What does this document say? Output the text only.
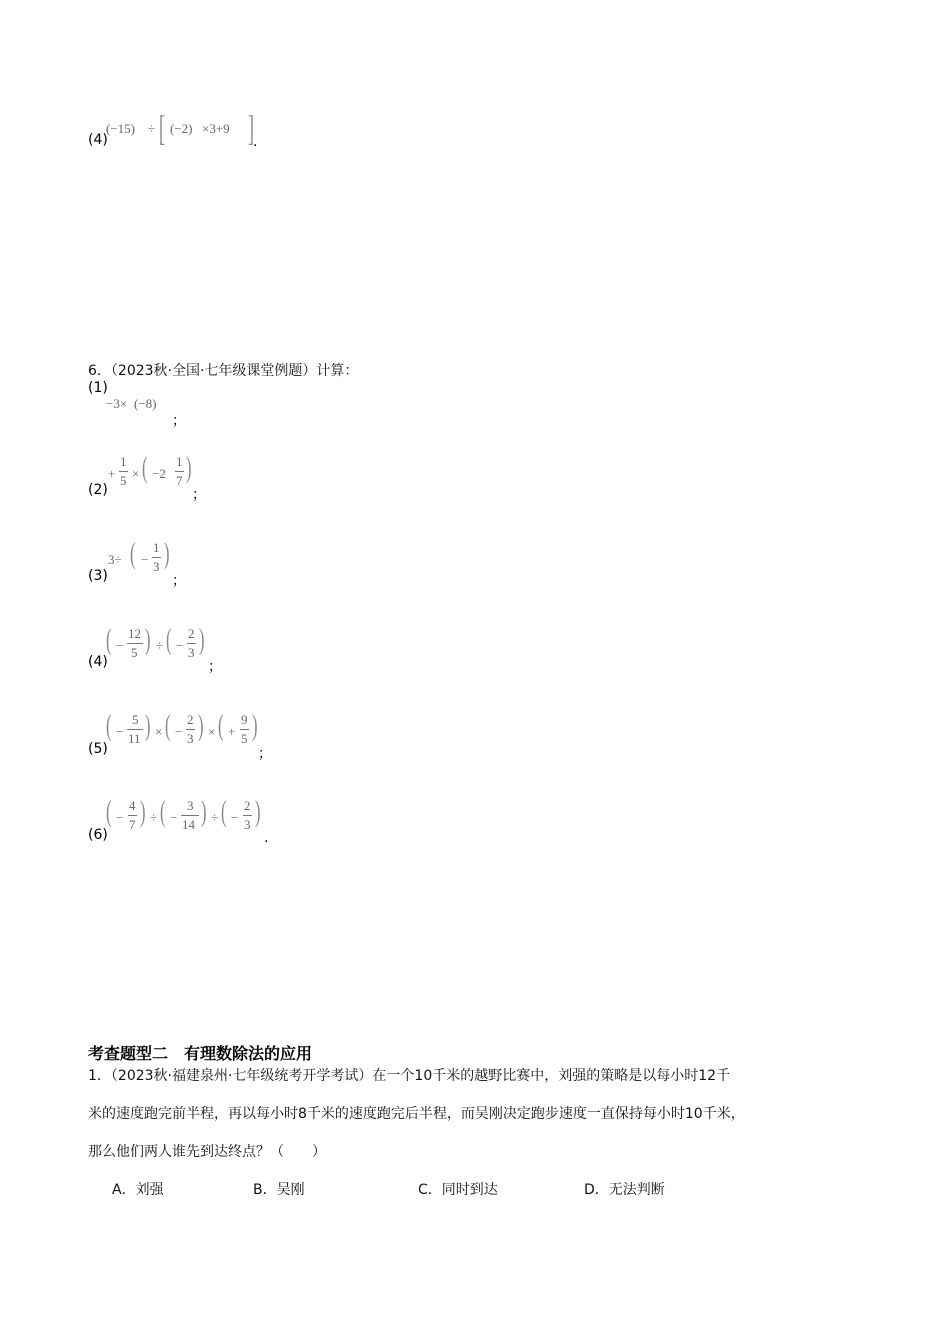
(4)
(−15) ÷ [ (−2) ×3+9 ] .
6．（2023秋·全国·七年级课堂例题）计算：
(1)
−3× (−8)
；
(2)
+
1
5 × ( −2
1
7 )
；
(3)
3÷ ( −
1
3 )
；
(4)
( −
12
5 ) ÷ ( −
2
3 )
；
(5)
( −
5
11 ) × ( −
2
3 ) × ( +
9
5 )
；
(6)
( −
4
7 ) ÷ ( −
3
14 ) ÷ ( −
2
3 )
.
考查题型二　有理数除法的应用
1．（2023秋·福建泉州·七年级统考开学考试）在一个10千米的越野比赛中，刘强的策略是以每小时12千
米的速度跑完前半程，再以每小时8千米的速度跑完后半程，而吴刚决定跑步速度一直保持每小时10千米，
那么他们两人谁先到达终点？（　　）
A．刘强	B．吴刚	C．同时到达	D．无法判断
